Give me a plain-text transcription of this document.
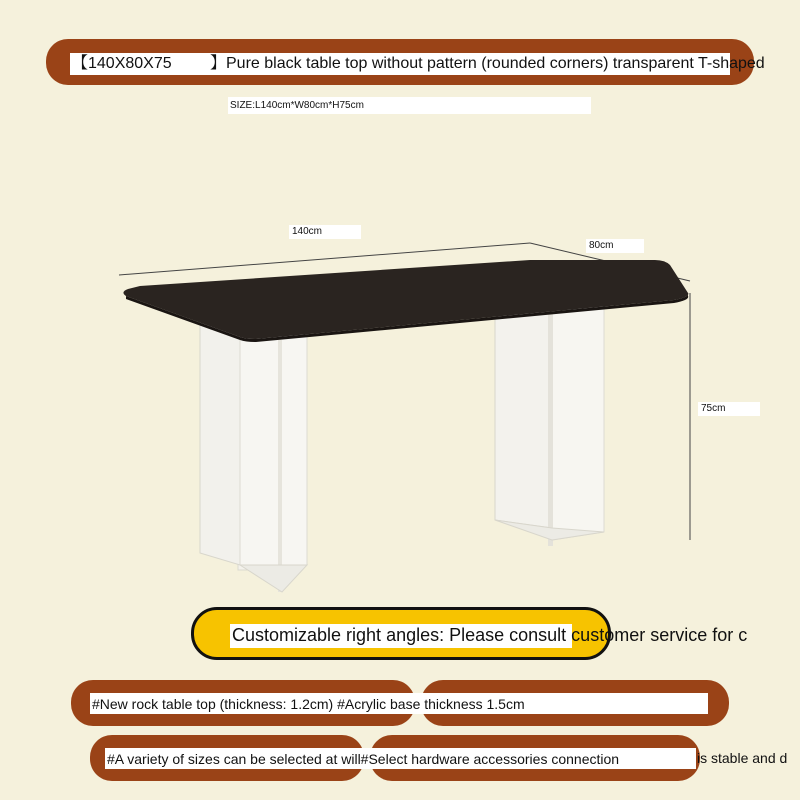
【140X80X75	】Pure black table top without pattern (rounded corners) transparent T-shaped
SIZE:L140cm*W80cm*H75cm
140cm
80cm
75cm
Customizable right angles: Please consult customer service for c
#New rock table top (thickness: 1.2cm) #Acrylic base thickness 1.5cm
#A variety of sizes can be selected at will#Select hardware accessories connection	is stable and d
